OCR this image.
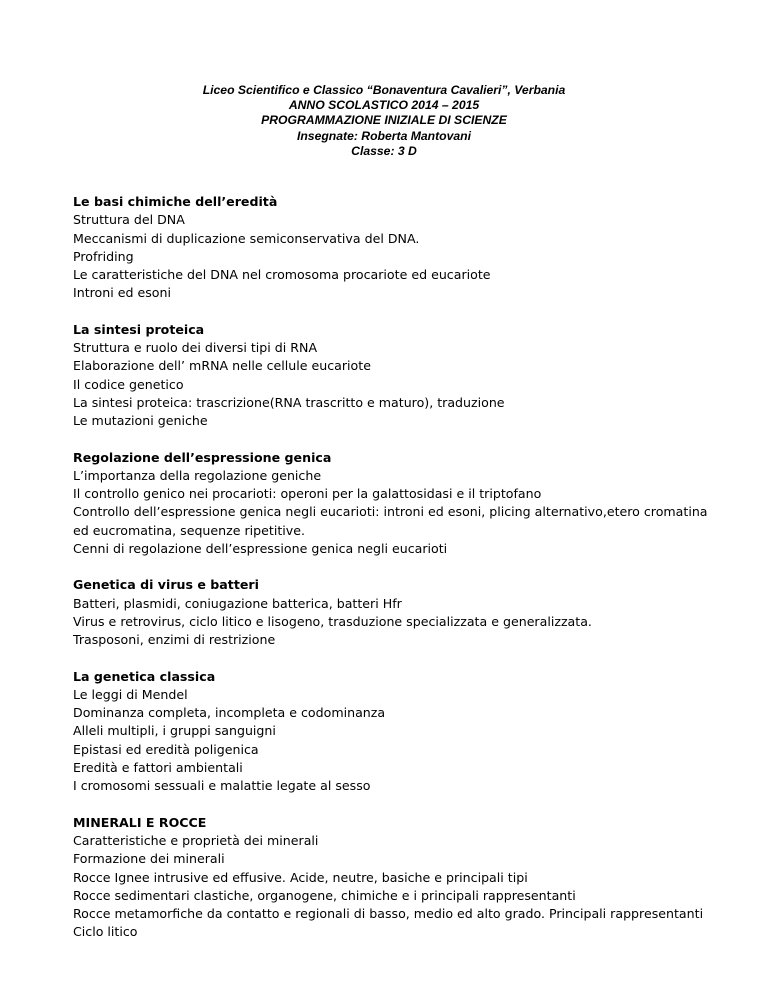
Liceo Scientifico e Classico “Bonaventura Cavalieri”, Verbania
ANNO SCOLASTICO 2014 – 2015
PROGRAMMAZIONE INIZIALE DI SCIENZE
Insegnate: Roberta Mantovani
Classe: 3 D
Le basi chimiche dell’eredità
Struttura del DNA
Meccanismi di duplicazione semiconservativa del DNA.
Profriding
Le caratteristiche del DNA nel cromosoma procariote ed eucariote
Introni ed esoni
La sintesi proteica
Struttura e ruolo dei diversi tipi di RNA
Elaborazione dell’ mRNA nelle cellule eucariote
Il codice genetico
La sintesi proteica: trascrizione(RNA trascritto e maturo), traduzione
Le mutazioni geniche
Regolazione dell’espressione genica
L’importanza della regolazione geniche
Il controllo genico nei procarioti: operoni per la galattosidasi e il triptofano
Controllo dell’espressione genica negli eucarioti: introni ed esoni, plicing alternativo,etero cromatina ed eucromatina, sequenze ripetitive.
Cenni di regolazione dell’espressione genica negli eucarioti
Genetica di virus e batteri
Batteri, plasmidi, coniugazione batterica, batteri Hfr
Virus e retrovirus, ciclo litico e lisogeno, trasduzione specializzata e generalizzata.
Trasposoni, enzimi di restrizione
La genetica classica
Le leggi di Mendel
Dominanza completa, incompleta e codominanza
Alleli multipli, i gruppi sanguigni
Epistasi ed eredità poligenica
Eredità e fattori ambientali
I cromosomi sessuali e malattie legate al sesso
MINERALI E ROCCE
Caratteristiche e proprietà dei minerali
Formazione dei minerali
Rocce Ignee intrusive ed effusive. Acide, neutre, basiche e principali tipi
Rocce sedimentari clastiche, organogene, chimiche e i principali rappresentanti
Rocce metamorfiche da contatto e regionali di basso, medio ed alto grado. Principali rappresentanti
Ciclo litico
